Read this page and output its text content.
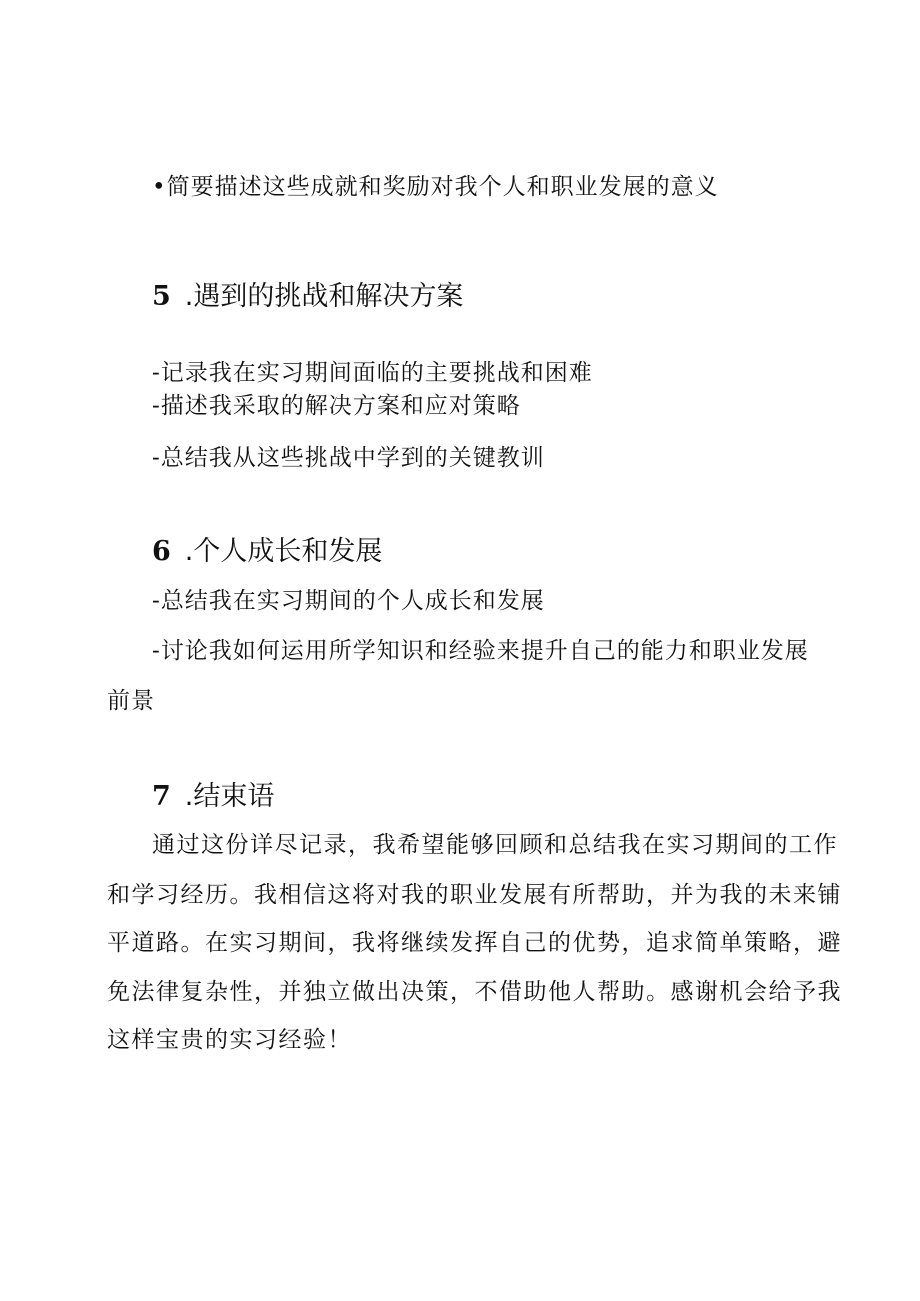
•简要描述这些成就和奖励对我个人和职业发展的意义
5 .遇到的挑战和解决方案
-记录我在实习期间面临的主要挑战和困难
-描述我采取的解决方案和应对策略
-总结我从这些挑战中学到的关键教训
6 .个人成长和发展
-总结我在实习期间的个人成长和发展
-讨论我如何运用所学知识和经验来提升自己的能力和职业发展
前景
7 .结束语
通过这份详尽记录，我希望能够回顾和总结我在实习期间的工作
和学习经历。我相信这将对我的职业发展有所帮助，并为我的未来铺
平道路。在实习期间，我将继续发挥自己的优势，追求简单策略，避
免法律复杂性，并独立做出决策，不借助他人帮助。感谢机会给予我
这样宝贵的实习经验！
